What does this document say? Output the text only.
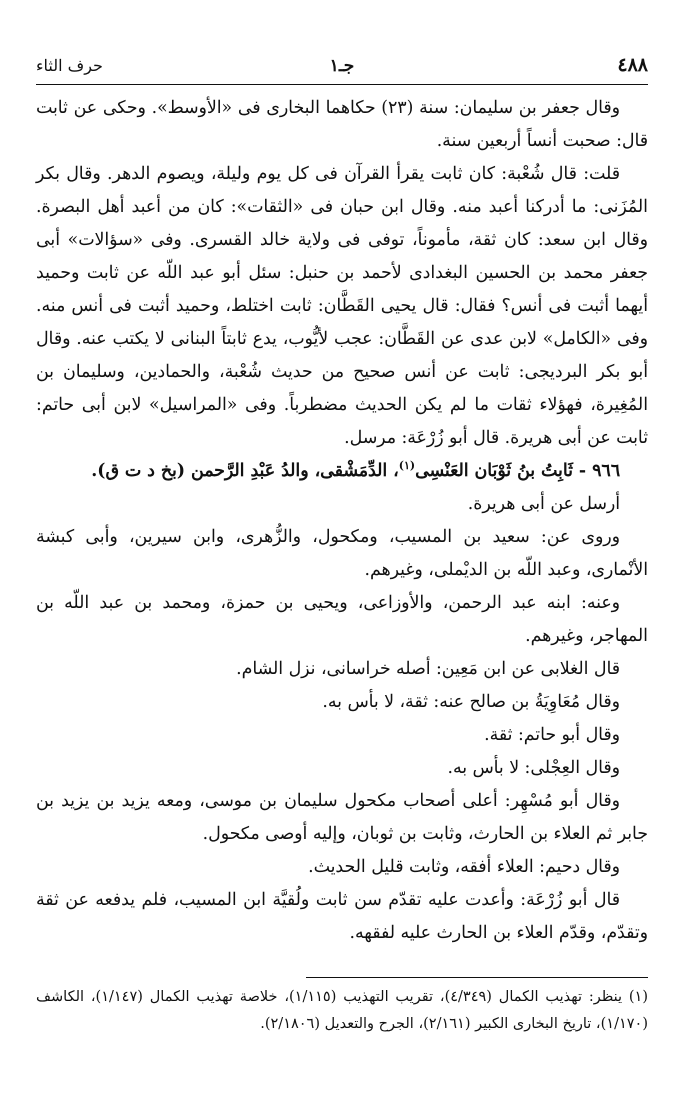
حرف الثاء	جـ١	٤٨٨

وقال جعفر بن سليمان: سنة (٢٣) حكاهما البخارى فى «الأوسط». وحكى عن ثابت قال: صحبت أنساً أربعين سنة.

قلت: قال شُعْبة: كان ثابت يقرأ القرآن فى كل يوم وليلة، ويصوم الدهر. وقال بكر المُزَنى: ما أدركنا أعبد منه. وقال ابن حبان فى «الثقات»: كان من أعبد أهل البصرة. وقال ابن سعد: كان ثقة، مأموناً، توفى فى ولاية خالد القسرى. وفى «سؤالات» أبى جعفر محمد بن الحسين البغدادى لأحمد بن حنبل: سئل أبو عبد اللّه عن ثابت وحميد أيهما أثبت فى أنس؟ فقال: قال يحيى القَطَّان: ثابت اختلط، وحميد أثبت فى أنس منه. وفى «الكامل» لابن عدى عن القَطَّان: عجب لأيُّوب، يدع ثابتاً البنانى لا يكتب عنه. وقال أبو بكر البرديجى: ثابت عن أنس صحيح من حديث شُعْبة، والحمادين، وسليمان بن المُغِيرة، فهؤلاء ثقات ما لم يكن الحديث مضطرباً. وفى «المراسيل» لابن أبى حاتم: ثابت عن أبى هريرة. قال أبو زُرْعَة: مرسل.

٩٦٦ - ثَابِتُ بنُ ثَوْبَان العَنْسِى$^{(١)}$، الدِّمَشْقى، والدُ عَبْدِ الرَّحمن (بخ د ت ق).

أرسل عن أبى هريرة.

وروى عن: سعيد بن المسيب، ومكحول، والزُّهرى، وابن سيرين، وأبى كبشة الأنْمارى، وعبد اللّه بن الديْملى، وغيرهم.

وعنه: ابنه عبد الرحمن، والأوزاعى، ويحيى بن حمزة، ومحمد بن عبد اللّه بن المهاجر، وغيرهم.

قال الغلابى عن ابن مَعِين: أصله خراسانى، نزل الشام.

وقال مُعَاوِيَةُ بن صالح عنه: ثقة، لا بأس به.

وقال أبو حاتم: ثقة.

وقال العِجْلى: لا بأس به.

وقال أبو مُسْهِر: أعلى أصحاب مكحول سليمان بن موسى، ومعه يزيد بن يزيد بن جابر ثم العلاء بن الحارث، وثابت بن ثوبان، وإليه أوصى مكحول.

وقال دحيم: العلاء أفقه، وثابت قليل الحديث.

قال أبو زُرْعَة: وأعدت عليه تقدّم سن ثابت ولُقيَّة ابن المسيب، فلم يدفعه عن ثقة وتقدّم، وقدّم العلاء بن الحارث عليه لفقهه.

(١) ينظر: تهذيب الكمال (٤/٣٤٩)، تقريب التهذيب (١/١١٥)، خلاصة تهذيب الكمال (١/١٤٧)، الكاشف (١/١٧٠)، تاريخ البخارى الكبير (٢/١٦١)، الجرح والتعديل (٢/١٨٠٦).
